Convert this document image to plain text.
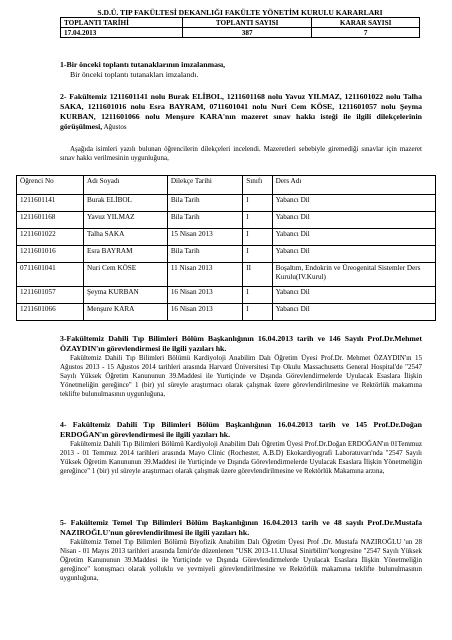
S.D.Ü. TIP FAKÜLTESİ DEKANLIĞI FAKÜLTE YÖNETİM KURULU KARARLARI
TOPLANTI TARİHİ	TOPLANTI SAYISI	KARAR SAYISI
17.04.2013	387	7
1-Bir önceki toplantı tutanaklarının imzalanması,
Bir önceki toplantı tutanakları imzalandı.
2- Fakültemiz 1211601141 nolu Burak ELİBOL, 1211601168 nolu Yavuz YILMAZ, 1211601022 nolu Talha SAKA, 1211601016 nolu Esra BAYRAM, 0711601041 nolu Nuri Cem KÖSE, 1211601057 nolu Şeyma KURBAN, 1211601066 nolu Menşure KARA'nın mazeret sınav hakkı isteği ile ilgili dilekçelerinin görüşülmesi, Ağustos
Aşağıda isimleri yazılı bulunan öğrencilerin dilekçeleri incelendi. Mazeretleri sebebiyle giremediği sınavlar için mazeret sınav hakkı verilmesinin uygunluğuna,
Öğrenci No	Adı Soyadı	Dilekçe Tarihi	Sınıfı	Ders Adı
1211601141	Burak ELİBOL	Bila Tarih	I	Yabancı Dil
1211601168	Yavuz YILMAZ	Bila Tarih	I	Yabancı Dil
1211601022	Talha SAKA	15 Nisan 2013	I	Yabancı Dil
1211601016	Esra BAYRAM	Bila Tarih	I	Yabancı Dil
0711601041	Nuri Cem KÖSE	11 Nisan 2013	II	Boşaltım, Endokrin ve Üreogenital Sistemler Ders Kurulu(IV.Kurul)
1211601057	Şeyma KURBAN	16 Nisan 2013	I	Yabancı Dil
1211601066	Menşure KARA	16 Nisan 2013	I	Yabancı Dil
3-Fakültemiz Dahili Tıp Bilimleri Bölüm Başkanlığının 16.04.2013 tarih ve 146 Sayılı Prof.Dr.Mehmet ÖZAYDIN'ın görevlendirmesi ile ilgili yazıları hk.
Fakültemiz Dahili Tıp Bilimleri Bölümü Kardiyoloji Anabilim Dalı Öğretim Üyesi Prof.Dr. Mehmet ÖZAYDIN'ın 15 Ağustos 2013 - 15 Ağustos 2014 tarihleri arasında Harvard Üniversitesi Tıp Okulu Massachusetts General Hospital'de "2547 Sayılı Yüksek Öğretim Kanununun 39.Maddesi ile Yurtiçinde ve Dışında Görevlendirmelerde Uyulacak Esaslara İlişkin Yönetmeliğin gereğince" 1 (bir) yıl süreyle araştırmacı olarak çalışmak üzere görevlendirilmesine ve Rektörlük makamına teklifte bulunulmasının uygunluğuna,
4- Fakültemiz Dahili Tıp Bilimleri Bölüm Başkanlığının 16.04.2013 tarih ve 145 Prof.Dr.Doğan ERDOĞAN'ın görevlendirmesi ile ilgili yazıları hk.
Fakültemiz Dahili Tıp Bilimleri Bölümü Kardiyoloji Anabilim Dalı Öğretim Üyesi Prof.Dr.Doğan ERDOĞAN'ın 01Temmuz 2013 - 01 Temmuz 2014 tarihleri arasında Mayo Clinic (Rochester, A.B.D) Ekokardiyografi Laboratuvarı'nda "2547 Sayılı Yüksek Öğretim Kanununun 39.Maddesi ile Yurtiçinde ve Dışında Görevlendirmelerde Uyulacak Esaslara İlişkin Yönetmeliğin gereğince" 1 (bir) yıl süreyle araştırmacı olarak çalışmak üzere görevlendirilmesine ve Rektörlük Makamına arzına,
5- Fakültemiz Temel Tıp Bilimleri Bölüm Başkanlığının 16.04.2013 tarih ve 48 sayılı Prof.Dr.Mustafa NAZIROĞLU'nun görevlendirilmesi ile ilgili yazıları hk.
Fakültemiz Temel Tıp Bilimleri Bölümü Biyofizik Anabilim Dalı Öğretim Üyesi Prof .Dr. Mustafa NAZIROĞLU 'un 28 Nisan - 01 Mayıs 2013 tarihleri arasında İzmir'de düzenlenen "USK 2013-11.Ulusal Sinirbilim"kongresine "2547 Sayılı Yüksek Öğretim Kanununun 39.Maddesi ile Yurtiçinde ve Dışında Görevlendirmelerde Uyulacak Esaslara İlişkin Yönetmeliğin gereğince" konuşmacı olarak yolluklu ve yevmiyeli görevlendirilmesine ve Rektörlük makamına teklifte bulunulmasının uygunluğuna,
